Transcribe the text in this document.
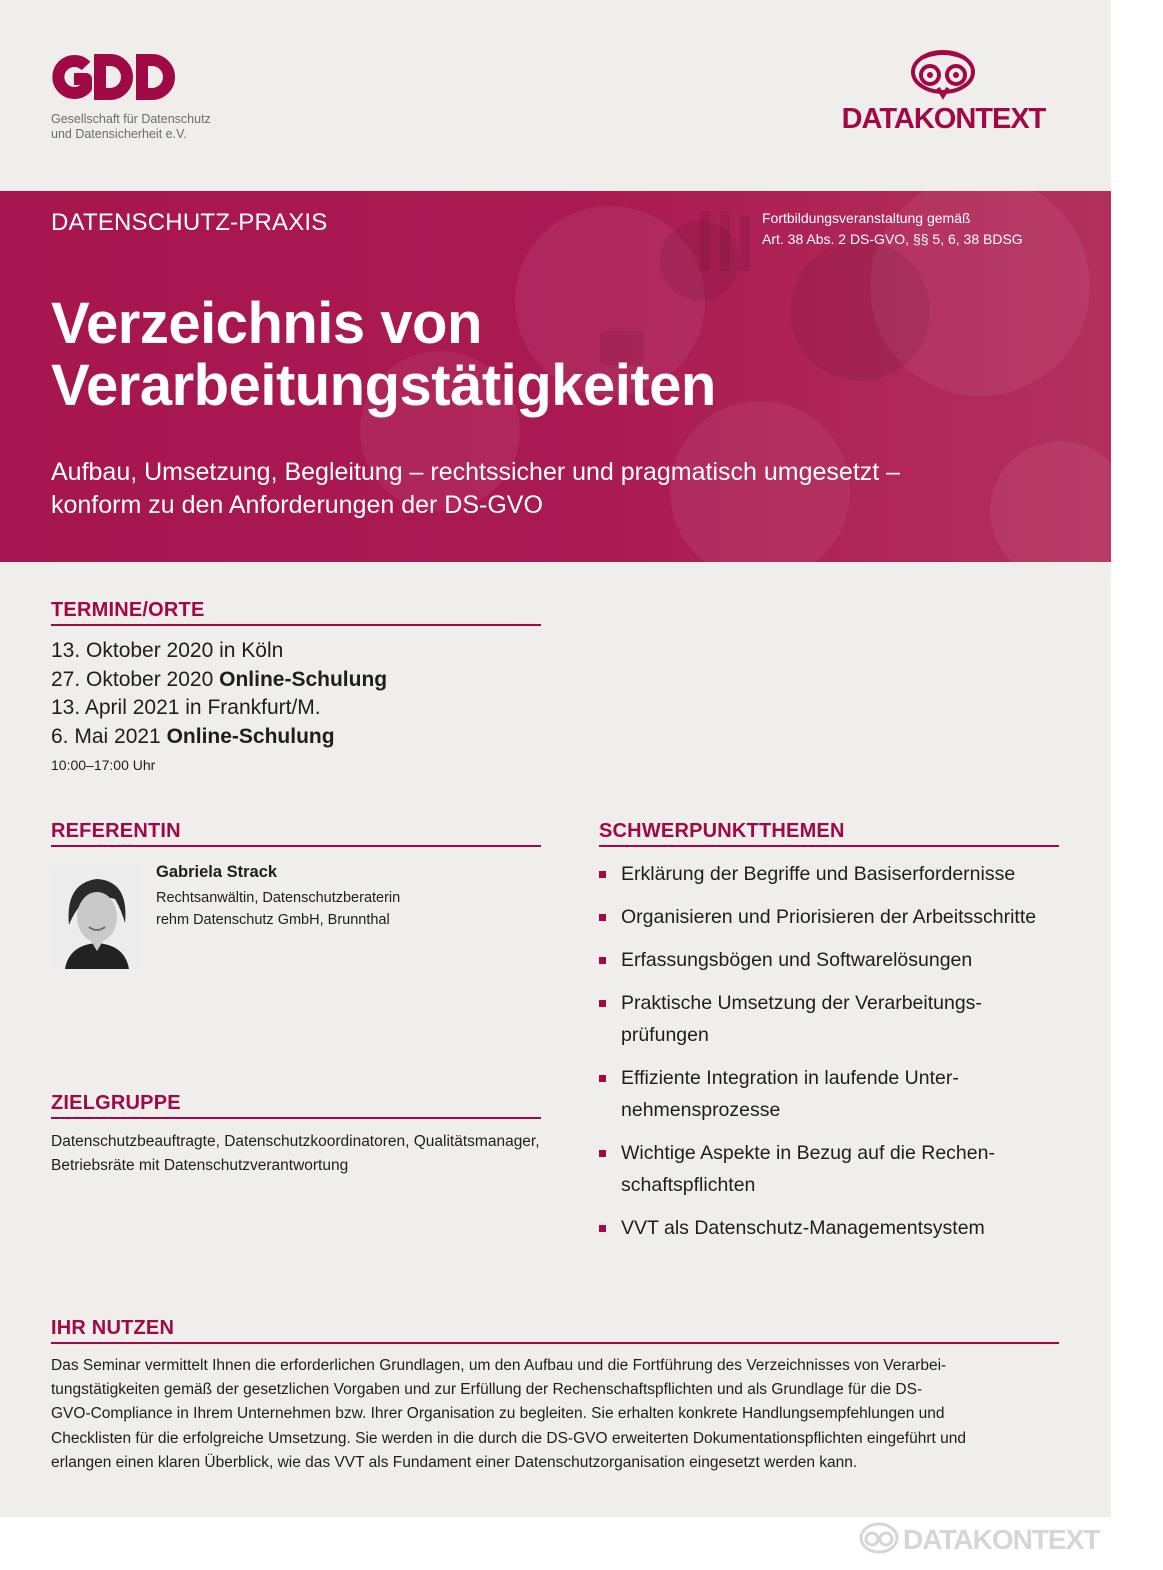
Gesellschaft für Datenschutz
und Datensicherheit e.V.	DATAKONTEXT
DATENSCHUTZ-PRAXIS	Fortbildungsveranstaltung gemäß
Art. 38 Abs. 2 DS-GVO, §§ 5, 6, 38 BDSG
Verzeichnis von
Verarbeitungstätigkeiten
Aufbau, Umsetzung, Begleitung – rechtssicher und pragmatisch umgesetzt –
konform zu den Anforderungen der DS-GVO
TERMINE/ORTE
13. Oktober 2020 in Köln
27. Oktober 2020 Online-Schulung
13. April 2021 in Frankfurt/M.
6. Mai 2021 Online-Schulung
10:00–17:00 Uhr
REFERENTIN
Gabriela Strack
Rechtsanwältin, Datenschutzberaterin
rehm Datenschutz GmbH, Brunnthal
ZIELGRUPPE
Datenschutzbeauftragte, Datenschutzkoordinatoren, Qualitätsmanager, Betriebsräte mit Datenschutzverantwortung
SCHWERPUNKTTHEMEN
Erklärung der Begriffe und Basiserfordernisse
Organisieren und Priorisieren der Arbeitsschritte
Erfassungsbögen und Softwarelösungen
Praktische Umsetzung der Verarbeitungs-
prüfungen
Effiziente Integration in laufende Unter-
nehmensprozesse
Wichtige Aspekte in Bezug auf die Rechen-
schaftspflichten
VVT als Datenschutz-Managementsystem
IHR NUTZEN
Das Seminar vermittelt Ihnen die erforderlichen Grundlagen, um den Aufbau und die Fortführung des Verzeichnisses von Verarbei-
tungstätigkeiten gemäß der gesetzlichen Vorgaben und zur Erfüllung der Rechenschaftspflichten und als Grundlage für die DS-
GVO-Compliance in Ihrem Unternehmen bzw. Ihrer Organisation zu begleiten. Sie erhalten konkrete Handlungsempfehlungen und
Checklisten für die erfolgreiche Umsetzung. Sie werden in die durch die DS-GVO erweiterten Dokumentationspflichten eingeführt und
erlangen einen klaren Überblick, wie das VVT als Fundament einer Datenschutzorganisation eingesetzt werden kann.
DATAKONTEXT
